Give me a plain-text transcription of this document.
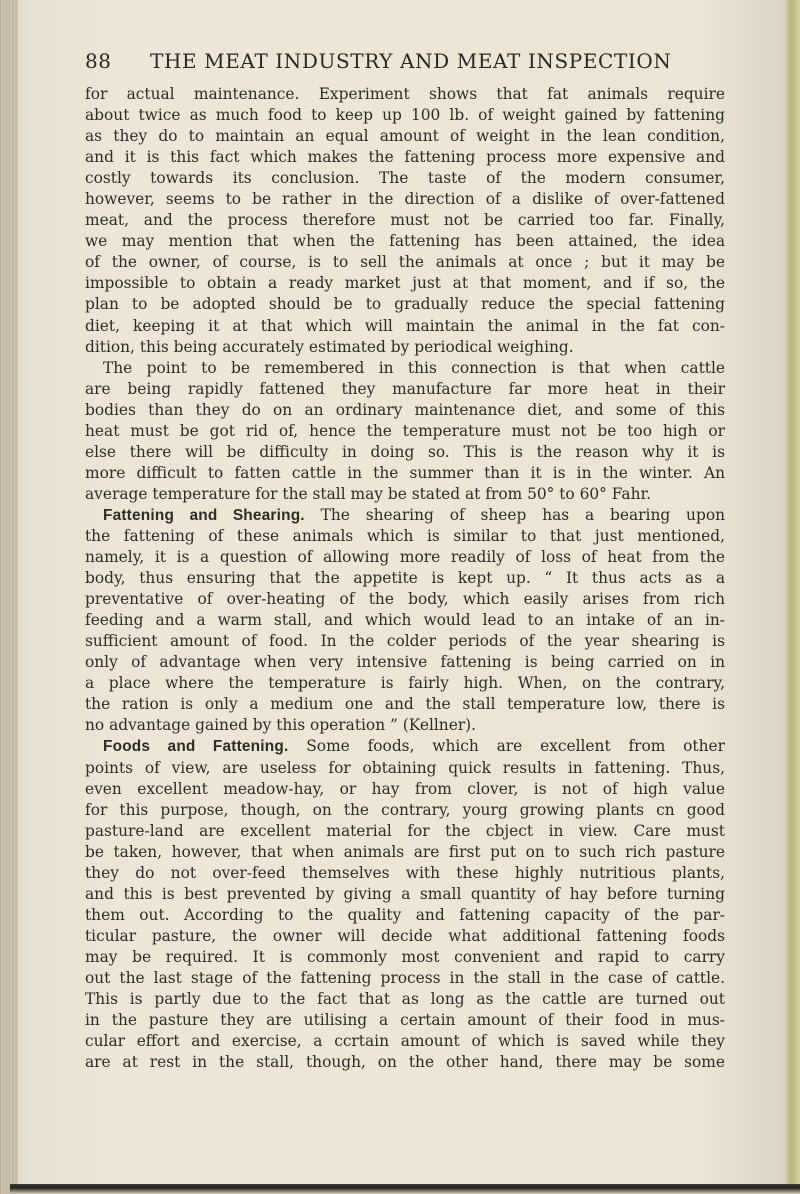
88 THE MEAT INDUSTRY AND MEAT INSPECTION
for actual maintenance. Experiment shows that fat animals require
about twice as much food to keep up 100 lb. of weight gained by fattening
as they do to maintain an equal amount of weight in the lean condition,
and it is this fact which makes the fattening process more expensive and
costly towards its conclusion. The taste of the modern consumer,
however, seems to be rather in the direction of a dislike of over-fattened
meat, and the process therefore must not be carried too far. Finally,
we may mention that when the fattening has been attained, the idea
of the owner, of course, is to sell the animals at once ; but it may be
impossible to obtain a ready market just at that moment, and if so, the
plan to be adopted should be to gradually reduce the special fattening
diet, keeping it at that which will maintain the animal in the fat con-
dition, this being accurately estimated by periodical weighing.
The point to be remembered in this connection is that when cattle
are being rapidly fattened they manufacture far more heat in their
bodies than they do on an ordinary maintenance diet, and some of this
heat must be got rid of, hence the temperature must not be too high or
else there will be difficulty in doing so. This is the reason why it is
more difficult to fatten cattle in the summer than it is in the winter. An
average temperature for the stall may be stated at from 50° to 60° Fahr.
Fattening and Shearing. The shearing of sheep has a bearing upon
the fattening of these animals which is similar to that just mentioned,
namely, it is a question of allowing more readily of loss of heat from the
body, thus ensuring that the appetite is kept up. “ It thus acts as a
preventative of over-heating of the body, which easily arises from rich
feeding and a warm stall, and which would lead to an intake of an in-
sufficient amount of food. In the colder periods of the year shearing is
only of advantage when very intensive fattening is being carried on in
a place where the temperature is fairly high. When, on the contrary,
the ration is only a medium one and the stall temperature low, there is
no advantage gained by this operation ” (Kellner).
Foods and Fattening. Some foods, which are excellent from other
points of view, are useless for obtaining quick results in fattening. Thus,
even excellent meadow-hay, or hay from clover, is not of high value
for this purpose, though, on the contrary, yourg growing plants cn good
pasture-land are excellent material for the cbject in view. Care must
be taken, however, that when animals are first put on to such rich pasture
they do not over-feed themselves with these highly nutritious plants,
and this is best prevented by giving a small quantity of hay before turning
them out. According to the quality and fattening capacity of the par-
ticular pasture, the owner will decide what additional fattening foods
may be required. It is commonly most convenient and rapid to carry
out the last stage of the fattening process in the stall in the case of cattle.
This is partly due to the fact that as long as the cattle are turned out
in the pasture they are utilising a certain amount of their food in mus-
cular effort and exercise, a ccrtain amount of which is saved while they
are at rest in the stall, though, on the other hand, there may be some
